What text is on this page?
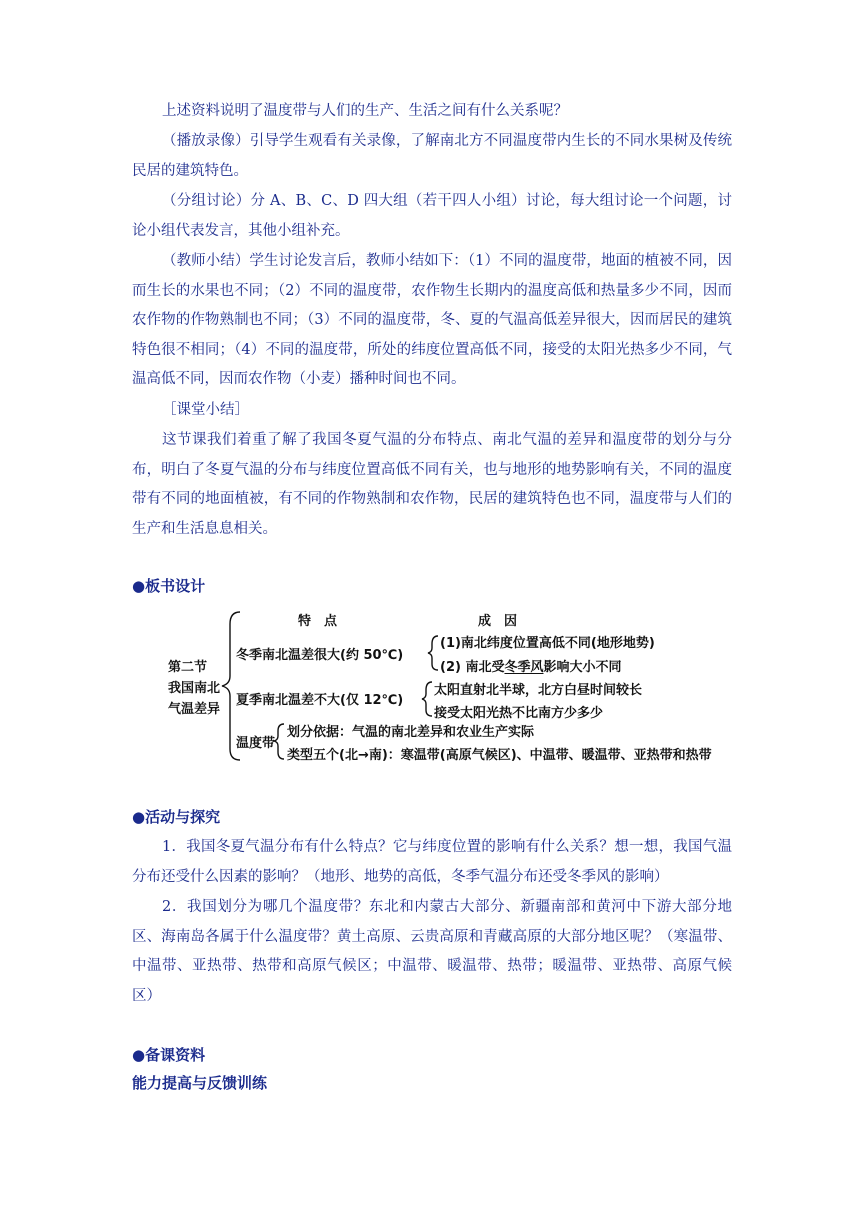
上述资料说明了温度带与人们的生产、生活之间有什么关系呢？

（播放录像）引导学生观看有关录像，了解南北方不同温度带内生长的不同水果树及传统民居的建筑特色。

（分组讨论）分 A、B、C、D 四大组（若干四人小组）讨论，每大组讨论一个问题，讨论小组代表发言，其他小组补充。

（教师小结）学生讨论发言后，教师小结如下：（1）不同的温度带，地面的植被不同，因而生长的水果也不同；（2）不同的温度带，农作物生长期内的温度高低和热量多少不同，因而农作物的作物熟制也不同；（3）不同的温度带，冬、夏的气温高低差异很大，因而居民的建筑特色很不相同；（4）不同的温度带，所处的纬度位置高低不同，接受的太阳光热多少不同，气温高低不同，因而农作物（小麦）播种时间也不同。

［课堂小结］

这节课我们着重了解了我国冬夏气温的分布特点、南北气温的差异和温度带的划分与分布，明白了冬夏气温的分布与纬度位置高低不同有关，也与地形的地势影响有关，不同的温度带有不同的地面植被，有不同的作物熟制和农作物，民居的建筑特色也不同，温度带与人们的生产和生活息息相关。

●板书设计
特　点	成　因
第二节
我国南北
气温差异
冬季南北温差很大(约 50℃)
(1)南北纬度位置高低不同(地形地势)
(2) 南北受冬季风影响大小不同
夏季南北温差不大(仅 12℃)
太阳直射北半球，北方白昼时间较长
接受太阳光热不比南方少多少
温度带
划分依据：气温的南北差异和农业生产实际
类型五个(北→南)：寒温带(高原气候区)、中温带、暖温带、亚热带和热带
●活动与探究

1．我国冬夏气温分布有什么特点？它与纬度位置的影响有什么关系？想一想，我国气温分布还受什么因素的影响？（地形、地势的高低，冬季气温分布还受冬季风的影响）

2．我国划分为哪几个温度带？东北和内蒙古大部分、新疆南部和黄河中下游大部分地区、海南岛各属于什么温度带？黄土高原、云贵高原和青藏高原的大部分地区呢？（寒温带、中温带、亚热带、热带和高原气候区；中温带、暖温带、热带；暖温带、亚热带、高原气候区）

●备课资料
能力提高与反馈训练
